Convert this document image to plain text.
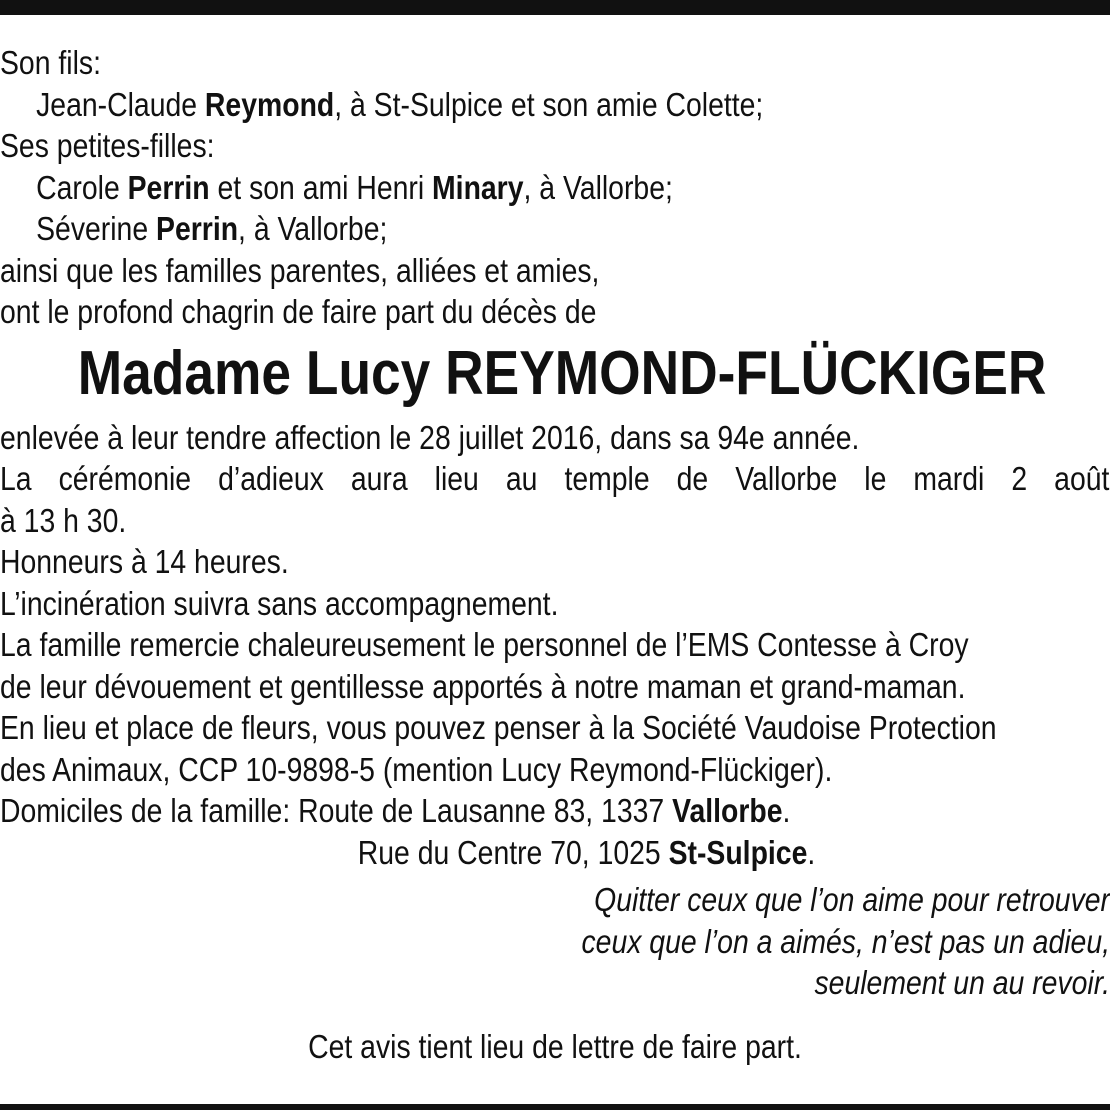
Son fils:
Jean-Claude Reymond, à St-Sulpice et son amie Colette;
Ses petites-filles:
Carole Perrin et son ami Henri Minary, à Vallorbe;
Séverine Perrin, à Vallorbe;
ainsi que les familles parentes, alliées et amies,
ont le profond chagrin de faire part du décès de
Madame Lucy REYMOND-FLÜCKIGER
enlevée à leur tendre affection le 28 juillet 2016, dans sa 94e année.
La cérémonie d’adieux aura lieu au temple de Vallorbe le mardi 2 août
à 13 h 30.
Honneurs à 14 heures.
L’incinération suivra sans accompagnement.
La famille remercie chaleureusement le personnel de l’EMS Contesse à Croy
de leur dévouement et gentillesse apportés à notre maman et grand-maman.
En lieu et place de fleurs, vous pouvez penser à la Société Vaudoise Protection
des Animaux, CCP 10-9898-5 (mention Lucy Reymond-Flückiger).
Domiciles de la famille: Route de Lausanne 83, 1337 Vallorbe.
Rue du Centre 70, 1025 St-Sulpice.
Quitter ceux que l’on aime pour retrouver
ceux que l’on a aimés, n’est pas un adieu,
seulement un au revoir.
Cet avis tient lieu de lettre de faire part.
